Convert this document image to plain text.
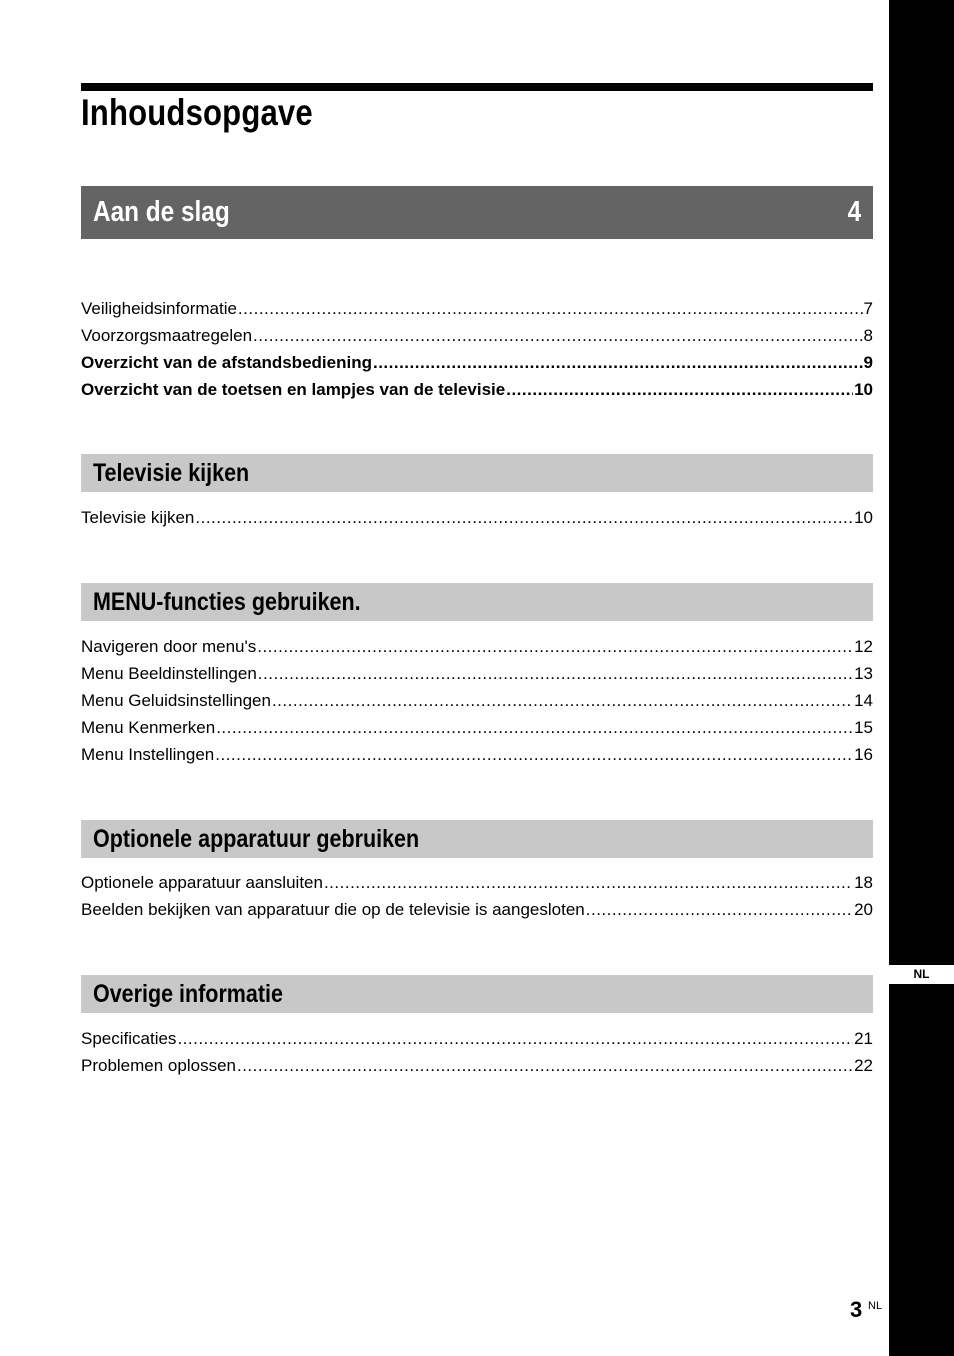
NL
Inhoudsopgave
Aan de slag	4
Veiligheidsinformatie .....	7
Voorzorgsmaatregelen .....	8
Overzicht van de afstandsbediening .....	9
Overzicht van de toetsen en lampjes van de televisie .....	10
Televisie kijken
Televisie kijken .....	10
MENU-functies gebruiken.
Navigeren door menu's .....	12
Menu Beeldinstellingen .....	13
Menu Geluidsinstellingen .....	14
Menu Kenmerken .....	15
Menu Instellingen .....	16
Optionele apparatuur gebruiken
Optionele apparatuur aansluiten .....	18
Beelden bekijken van apparatuur die op de televisie is aangesloten .....	20
Overige informatie
Specificaties .....	21
Problemen oplossen .....	22
3 NL
